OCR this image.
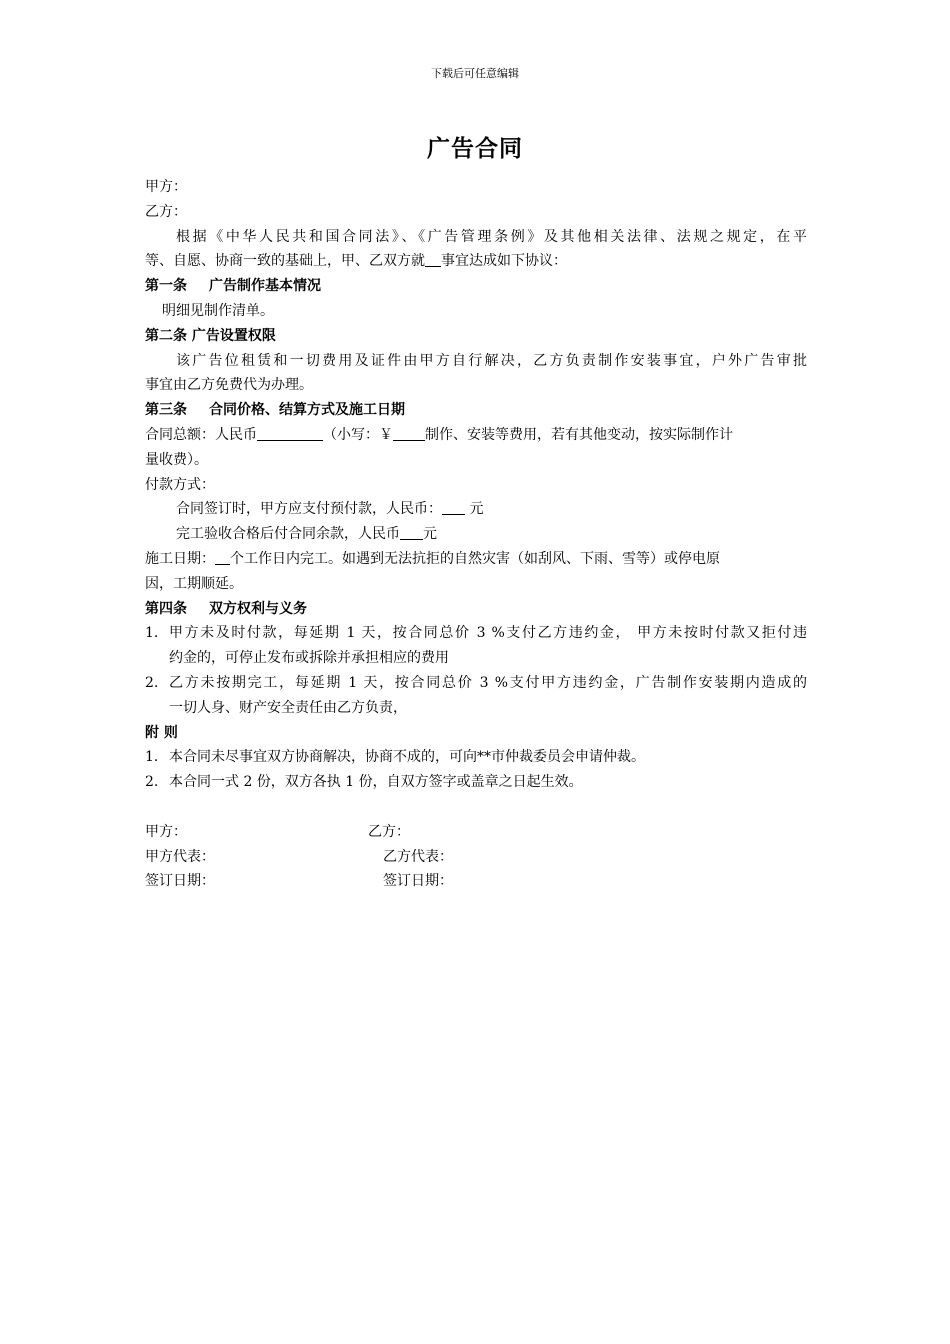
下载后可任意编辑
广告合同
甲方：
乙方：
根据《中华人民共和国合同法》、《广告管理条例》及其他相关法律、法规之规定，在平
等、自愿、协商一致的基础上，甲、乙双方就 事宜达成如下协议：
第一条 广告制作基本情况
明细见制作清单。
第二条 广告设置权限
该广告位租赁和一切费用及证件由甲方自行解决，乙方负责制作安装事宜，户外广告审批
事宜由乙方免费代为办理。
第三条 合同价格、结算方式及施工日期
合同总额：人民币	（小写：￥ 制作、安装等费用，若有其他变动，按实际制作计
量收费）。
付款方式：
合同签订时，甲方应支付预付款，人民币： 元
完工验收合格后付合同余款，人民币 元
施工日期： 个工作日内完工。如遇到无法抗拒的自然灾害（如刮风、下雨、雪等）或停电原
因，工期顺延。
第四条 双方权利与义务
1. 甲方未及时付款，每延期 1 天，按合同总价 3 %支付乙方违约金， 甲方未按时付款又拒付违
约金的，可停止发布或拆除并承担相应的费用
2. 乙方未按期完工，每延期 1 天，按合同总价 3 %支付甲方违约金，广告制作安装期内造成的
一切人身、财产安全责任由乙方负责，
附 则
1. 本合同未尽事宜双方协商解决，协商不成的，可向**市仲裁委员会申请仲裁。
2. 本合同一式 2 份，双方各执 1 份，自双方签字或盖章之日起生效。
甲方：	乙方：
甲方代表：	乙方代表：
签订日期：	签订日期：
